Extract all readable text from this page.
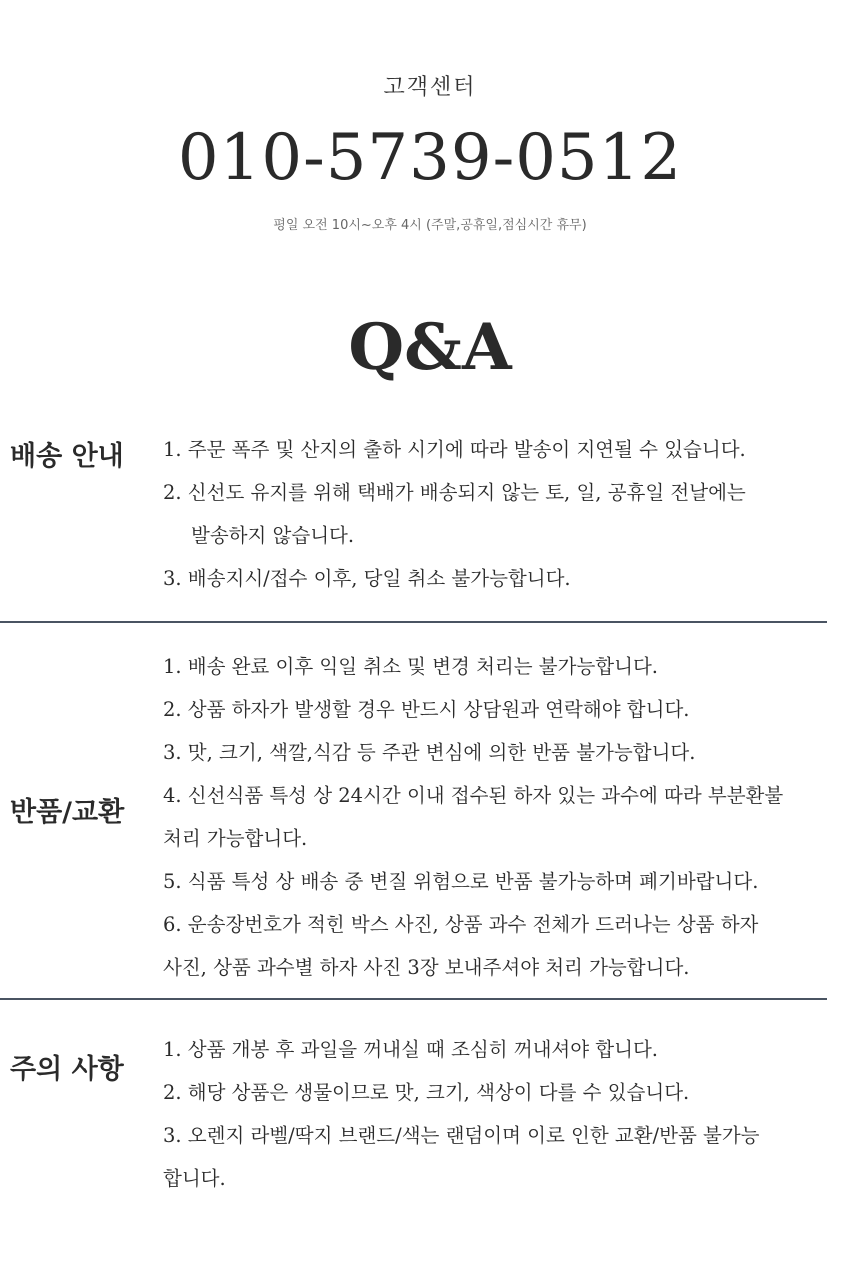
고객센터
010-5739-0512
평일 오전 10시~오후 4시 (주말,공휴일,점심시간 휴무)
Q&A
배송 안내	1. 주문 폭주 및 산지의 출하 시기에 따라 발송이 지연될 수 있습니다.
2. 신선도 유지를 위해 택배가 배송되지 않는 토, 일, 공휴일 전날에는
발송하지 않습니다.
3. 배송지시/접수 이후, 당일 취소 불가능합니다.
반품/교환
1. 배송 완료 이후 익일 취소 및 변경 처리는 불가능합니다.
2. 상품 하자가 발생할 경우 반드시 상담원과 연락해야 합니다.
3. 맛, 크기, 색깔,식감 등 주관 변심에 의한 반품 불가능합니다.
4. 신선식품 특성 상 24시간 이내 접수된 하자 있는 과수에 따라 부분환불
처리 가능합니다.
5. 식품 특성 상 배송 중 변질 위험으로 반품 불가능하며 폐기바랍니다.
6. 운송장번호가 적힌 박스 사진, 상품 과수 전체가 드러나는 상품 하자
사진, 상품 과수별 하자 사진 3장 보내주셔야 처리 가능합니다.
주의 사항
1. 상품 개봉 후 과일을 꺼내실 때 조심히 꺼내셔야 합니다.
2. 해당 상품은 생물이므로 맛, 크기, 색상이 다를 수 있습니다.
3. 오렌지 라벨/딱지 브랜드/색는 랜덤이며 이로 인한 교환/반품 불가능
합니다.
